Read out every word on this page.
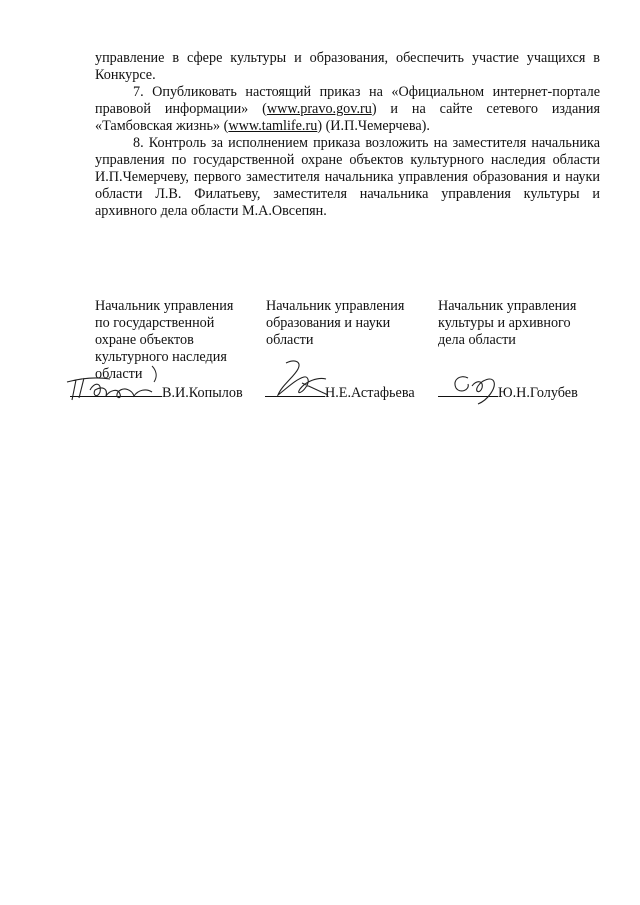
управление в сфере культуры и образования, обеспечить участие учащихся в Конкурсе.

7. Опубликовать настоящий приказ на «Официальном интернет-портале правовой информации» (www.pravo.gov.ru) и на сайте сетевого издания «Тамбовская жизнь» (www.tamlife.ru) (И.П.Чемерчева).

8. Контроль за исполнением приказа возложить на заместителя начальника управления по государственной охране объектов культурного наследия области И.П.Чемерчеву, первого заместителя начальника управления образования и науки области Л.В. Филатьеву, заместителя начальника управления культуры и архивного дела области М.А.Овсепян.

Начальник управления
по государственной
охране объектов
культурного наследия
области
Начальник управления
образования и науки
области
Начальник управления
культуры и архивного
дела области
В.И.Копылов	Н.Е.Астафьева	Ю.Н.Голубев
